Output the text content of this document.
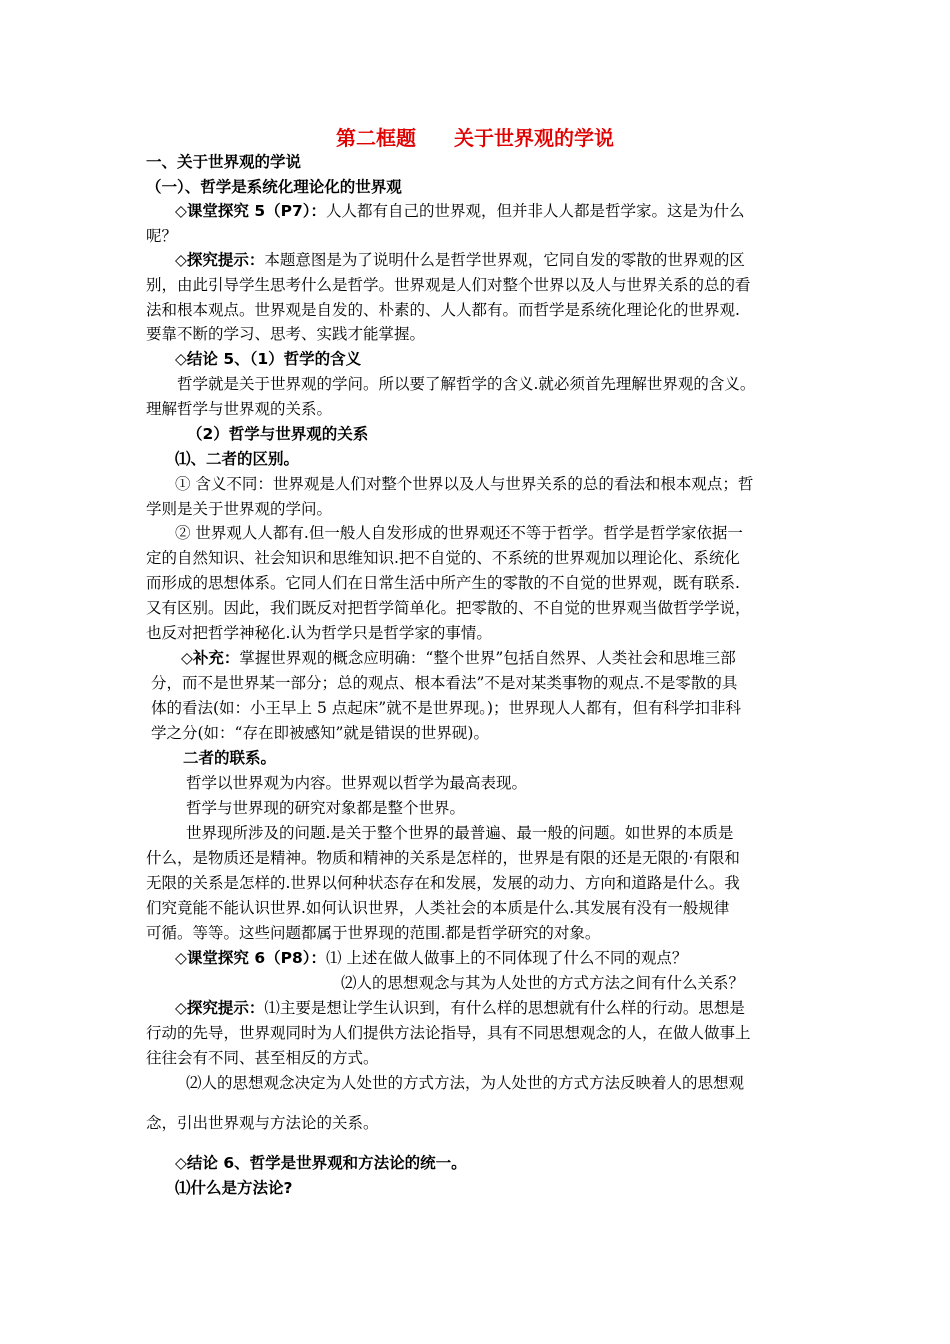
第二框题 关于世界观的学说
一、关于世界观的学说
（一）、哲学是系统化理论化的世界观
◇课堂探究 5（P7）：人人都有自己的世界观，但并非人人都是哲学家。这是为什么
呢？
◇探究提示：本题意图是为了说明什么是哲学世界观，它同自发的零散的世界观的区
别，由此引导学生思考什么是哲学。世界观是人们对整个世界以及人与世界关系的总的看
法和根本观点。世界观是自发的、朴素的、人人都有。而哲学是系统化理论化的世界观.
要靠不断的学习、思考、实践才能掌握。
◇结论 5、（1）哲学的含义
哲学就是关于世界观的学问。所以要了解哲学的含义.就必须首先理解世界观的含义。
理解哲学与世界观的关系。
（2）哲学与世界观的关系
⑴、二者的区别。
① 含义不同：世界观是人们对整个世界以及人与世界关系的总的看法和根本观点；哲
学则是关于世界观的学问。
② 世界观人人都有.但一般人自发形成的世界观还不等于哲学。哲学是哲学家依据一
定的自然知识、社会知识和思维知识.把不自觉的、不系统的世界观加以理论化、系统化
而形成的思想体系。它同人们在日常生活中所产生的零散的不自觉的世界观，既有联系.
又有区别。因此，我们既反对把哲学简单化。把零散的、不自觉的世界观当做哲学学说，
也反对把哲学神秘化.认为哲学只是哲学家的事情。
◇补充：掌握世界观的概念应明确：“整个世界”包括自然界、人类社会和思堆三部
分，而不是世界某一部分；总的观点、根本看法”不是对某类事物的观点.不是零散的具
体的看法(如：小王早上 5 点起床”就不是世界现。)；世界现人人都有，但有科学扣非科
学之分(如：“存在即被感知”就是错误的世界砚)。
二者的联系。
哲学以世界观为内容。世界观以哲学为最高表现。
哲学与世界现的研究对象都是整个世界。
世界现所涉及的问题.是关于整个世界的最普遍、最一般的问题。如世界的本质是
什么，是物质还是精神。物质和精神的关系是怎样的，世界是有限的还是无限的·有限和
无限的关系是怎样的.世界以何种状态存在和发展，发展的动力、方向和道路是什么。我
们究竟能不能认识世界.如何认识世界，人类社会的本质是什么.其发展有没有一般规律
可循。等等。这些问题都属于世界现的范围.都是哲学研究的对象。
◇课堂探究 6（P8）：⑴ 上述在做人做事上的不同体现了什么不同的观点？
⑵人的思想观念与其为人处世的方式方法之间有什么关系？
◇探究提示：⑴主要是想让学生认识到，有什么样的思想就有什么样的行动。思想是
行动的先导，世界观同时为人们提供方法论指导，具有不同思想观念的人，在做人做事上
往往会有不同、甚至相反的方式。
⑵人的思想观念决定为人处世的方式方法，为人处世的方式方法反映着人的思想观
念，引出世界观与方法论的关系。
◇结论 6、哲学是世界观和方法论的统一。
⑴什么是方法论?
